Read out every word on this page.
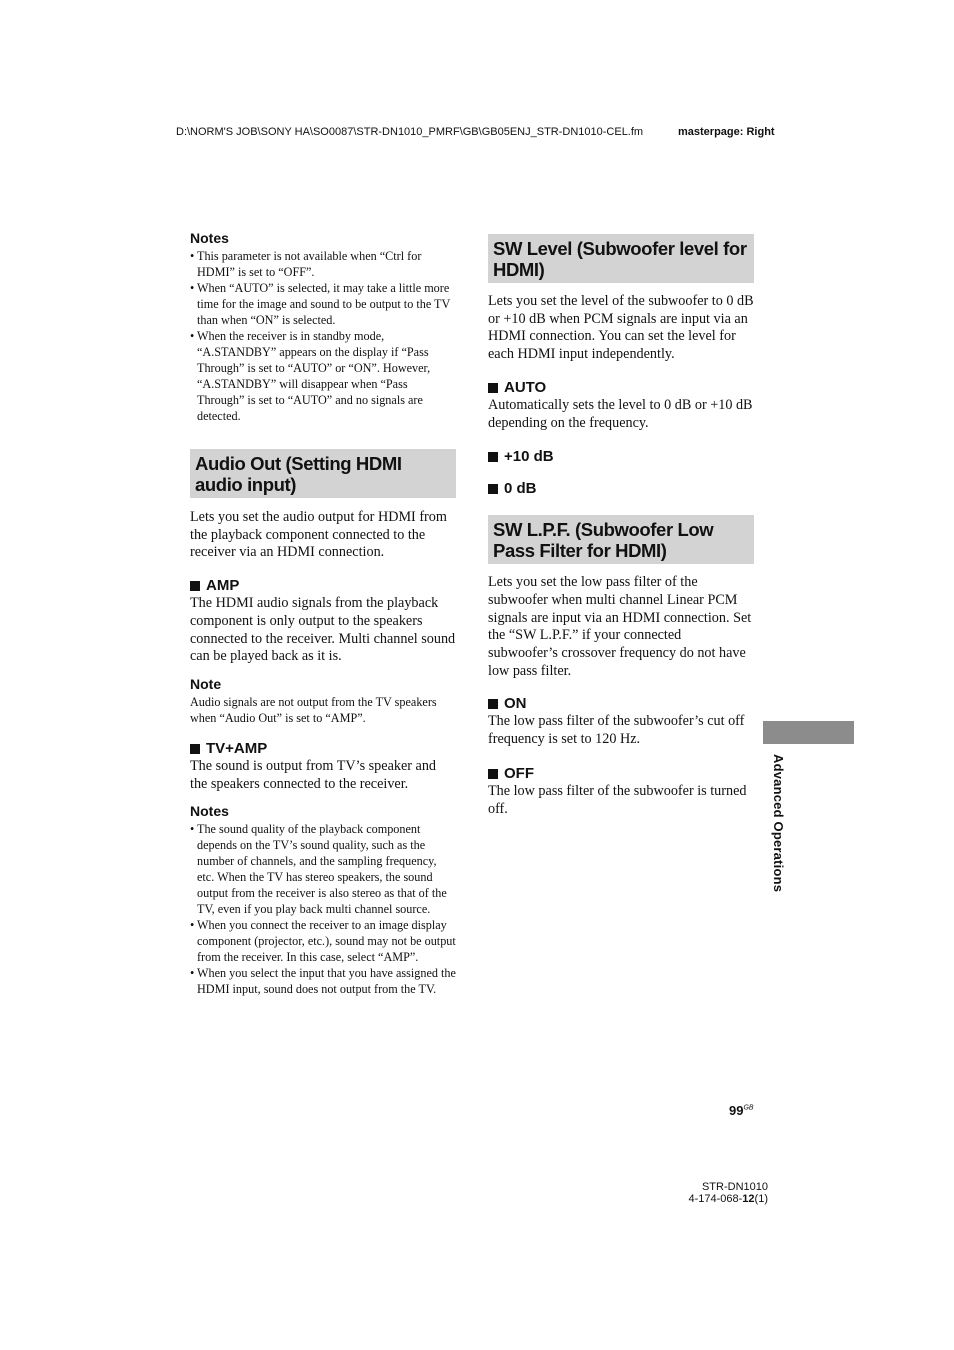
D:\NORM'S JOB\SONY HA\SO0087\STR-DN1010_PMRF\GB\GB05ENJ_STR-DN1010-CEL.fm	masterpage: Right

Notes

• This parameter is not available when “Ctrl for HDMI” is set to “OFF”.
• When “AUTO” is selected, it may take a little more time for the image and sound to be output to the TV than when “ON” is selected.
• When the receiver is in standby mode, “A.STANDBY” appears on the display if “Pass Through” is set to “AUTO” or “ON”. However, “A.STANDBY” will disappear when “Pass Through” is set to “AUTO” and no signals are detected.
Audio Out (Setting HDMI audio input)

Lets you set the audio output for HDMI from the playback component connected to the receiver via an HDMI connection.

AMP

The HDMI audio signals from the playback component is only output to the speakers connected to the receiver. Multi channel sound can be played back as it is.

Note

Audio signals are not output from the TV speakers when “Audio Out” is set to “AMP”.

TV+AMP

The sound is output from TV’s speaker and the speakers connected to the receiver.

Notes

• The sound quality of the playback component depends on the TV’s sound quality, such as the number of channels, and the sampling frequency, etc. When the TV has stereo speakers, the sound output from the receiver is also stereo as that of the TV, even if you play back multi channel source.
• When you connect the receiver to an image display component (projector, etc.), sound may not be output from the receiver. In this case, select “AMP”.
• When you select the input that you have assigned the HDMI input, sound does not output from the TV.
SW Level (Subwoofer level for HDMI)

Lets you set the level of the subwoofer to 0 dB or +10 dB when PCM signals are input via an HDMI connection. You can set the level for each HDMI input independently.

AUTO

Automatically sets the level to 0 dB or +10 dB depending on the frequency.

+10 dB

0 dB

SW L.P.F. (Subwoofer Low Pass Filter for HDMI)

Lets you set the low pass filter of the subwoofer when multi channel Linear PCM signals are input via an HDMI connection. Set the “SW L.P.F.” if your connected subwoofer’s crossover frequency do not have low pass filter.

ON

The low pass filter of the subwoofer’s cut off frequency is set to 120 Hz.

OFF

The low pass filter of the subwoofer is turned off.	Advanced Operations
$99^{GB}$
STR-DN1010
4-174-068-12(1)
